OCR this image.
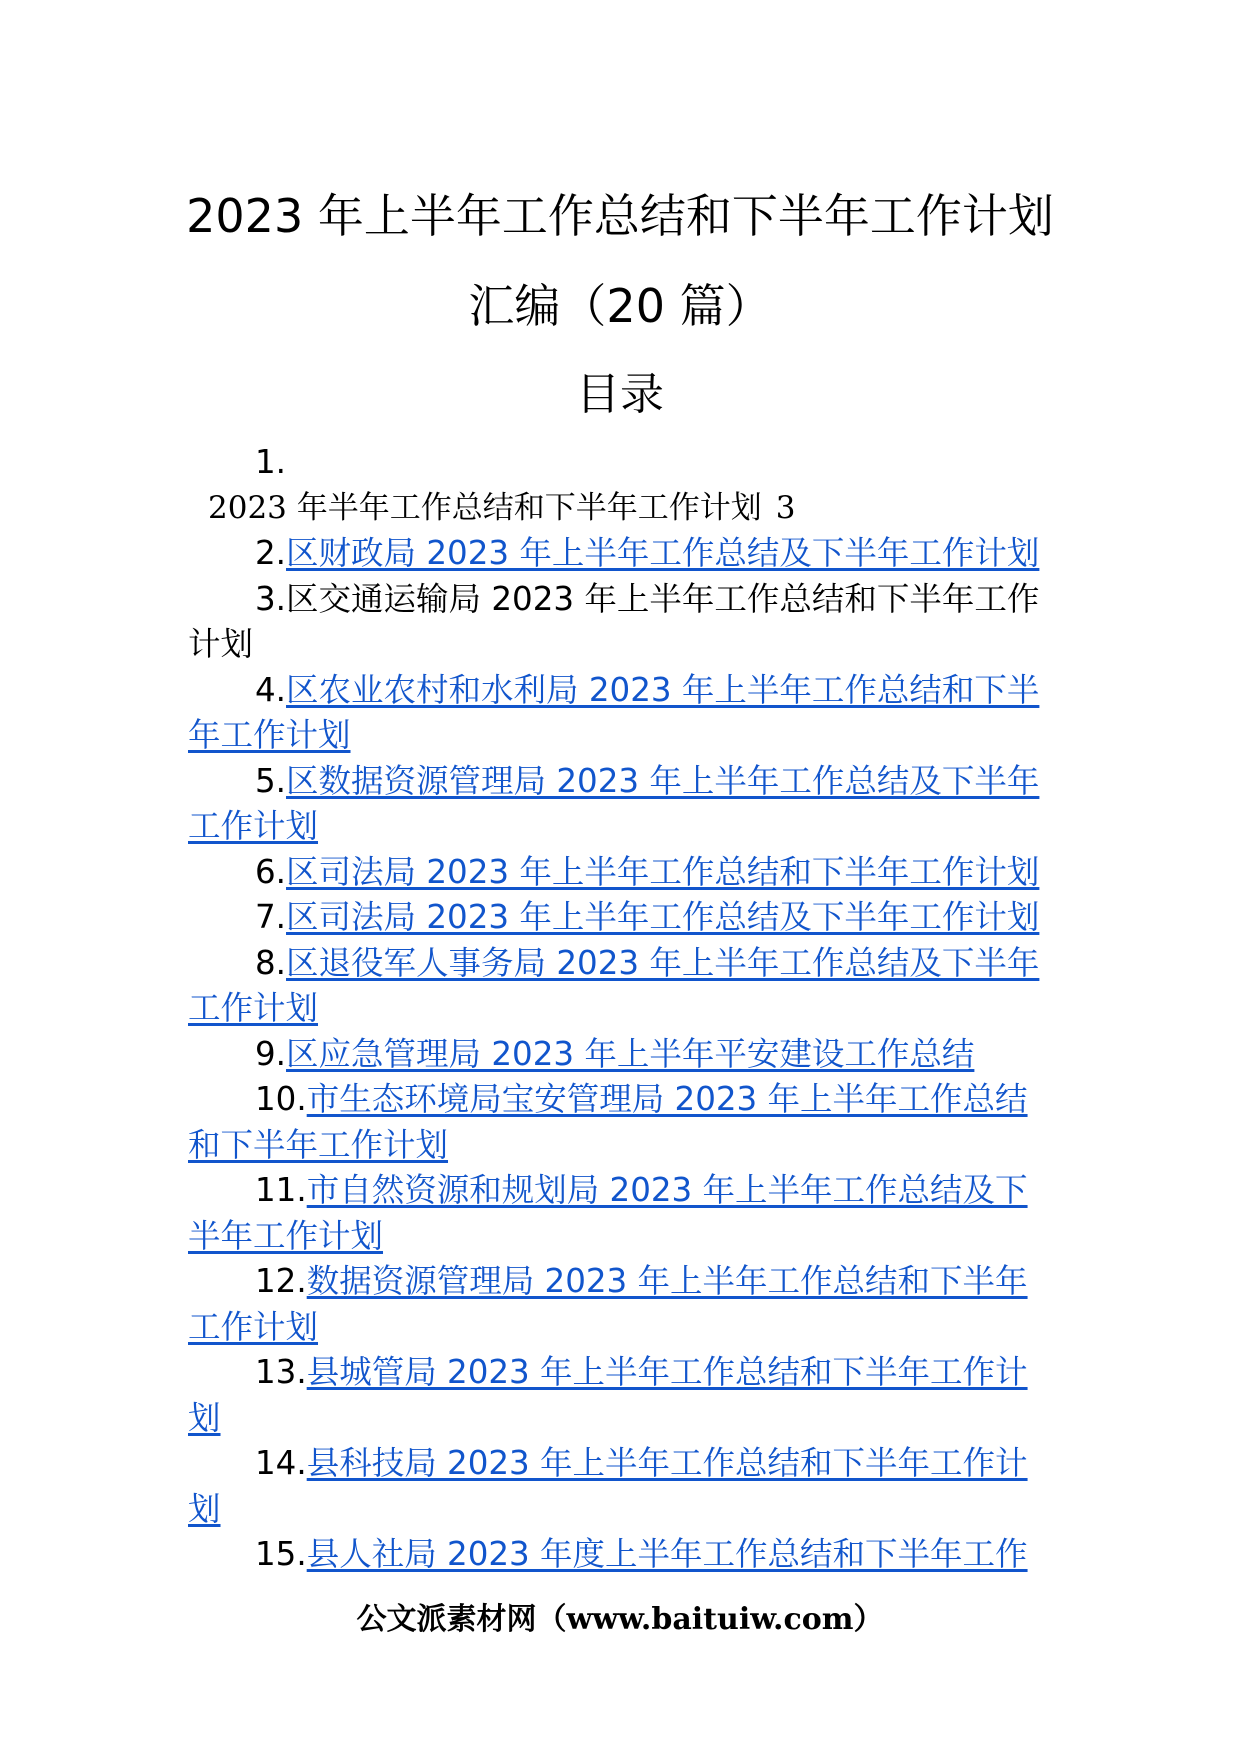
2023 年上半年工作总结和下半年工作计划
汇编（20 篇）
目录

1.

2023 年半年工作总结和下半年工作计划 3

2.区财政局 2023 年上半年工作总结及下半年工作计划

3.区交通运输局 2023 年上半年工作总结和下半年工作计划

4.区农业农村和水利局 2023 年上半年工作总结和下半年工作计划

5.区数据资源管理局 2023 年上半年工作总结及下半年工作计划

6.区司法局 2023 年上半年工作总结和下半年工作计划

7.区司法局 2023 年上半年工作总结及下半年工作计划

8.区退役军人事务局 2023 年上半年工作总结及下半年工作计划

9.区应急管理局 2023 年上半年平安建设工作总结

10.市生态环境局宝安管理局 2023 年上半年工作总结和下半年工作计划

11.市自然资源和规划局 2023 年上半年工作总结及下半年工作计划

12.数据资源管理局 2023 年上半年工作总结和下半年工作计划

13.县城管局 2023 年上半年工作总结和下半年工作计划

14.县科技局 2023 年上半年工作总结和下半年工作计划

15.县人社局 2023 年度上半年工作总结和下半年工作

公文派素材网（www.baituiw.com）
